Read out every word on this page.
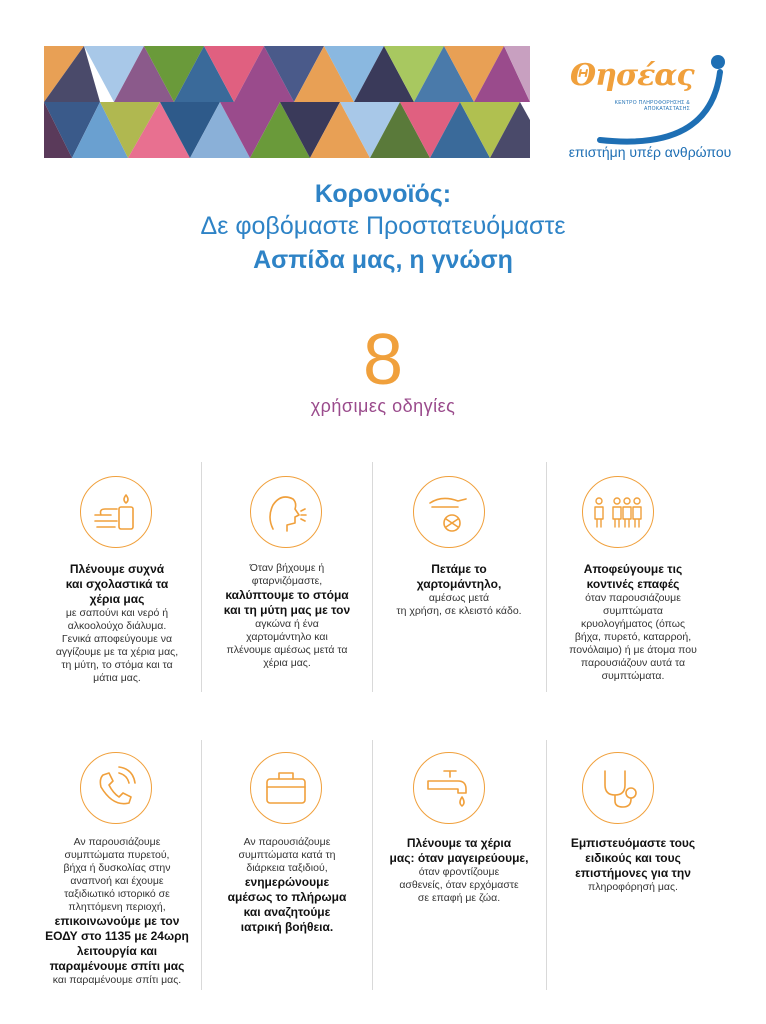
Θησέας
ΚΕΝΤΡΟ ΠΛΗΡΟΦΟΡΗΣΗΣ & ΑΠΟΚΑΤΑΣΤΑΣΗΣ
επιστήμη υπέρ ανθρώπου
Κορονοϊός:
Δε φοβόμαστε Προστατευόμαστε
Ασπίδα μας, η γνώση
8
χρήσιμες οδηγίες
Πλένουμε συχνά
και σχολαστικά τα
χέρια μας
με σαπούνι και νερό ή
αλκοολούχο διάλυμα.
Γενικά αποφεύγουμε να
αγγίζουμε με τα χέρια μας,
τη μύτη, το στόμα και τα
μάτια μας.
Όταν βήχουμε ή
φταρνιζόμαστε,
καλύπτουμε το στόμα
και τη μύτη μας με τον
αγκώνα ή ένα
χαρτομάντηλο και
πλένουμε αμέσως μετά τα
χέρια μας.
Πετάμε το
χαρτομάντηλο,
αμέσως μετά
τη χρήση, σε κλειστό κάδο.
Αποφεύγουμε τις
κοντινές επαφές
όταν παρουσιάζουμε
συμπτώματα
κρυολογήματος (όπως
βήχα, πυρετό, καταρροή,
πονόλαιμο) ή με άτομα που
παρουσιάζουν αυτά τα
συμπτώματα.
Αν παρουσιάζουμε
συμπτώματα πυρετού,
βήχα ή δυσκολίας στην
αναπνοή και έχουμε
ταξιδιωτικό ιστορικό σε
πληττόμενη περιοχή,
επικοινωνούμε με τον
ΕΟΔΥ στο 1135 με 24ωρη
λειτουργία και
παραμένουμε σπίτι μας
και παραμένουμε σπίτι μας.
Αν παρουσιάζουμε
συμπτώματα κατά τη
διάρκεια ταξιδιού,
ενημερώνουμε
αμέσως το πλήρωμα
και αναζητούμε
ιατρική βοήθεια.
Πλένουμε τα χέρια
μας: όταν μαγειρεύουμε,
όταν φροντίζουμε
ασθενείς, όταν ερχόμαστε
σε επαφή με ζώα.
Εμπιστευόμαστε τους
ειδικούς και τους
επιστήμονες για την
πληροφόρησή μας.
